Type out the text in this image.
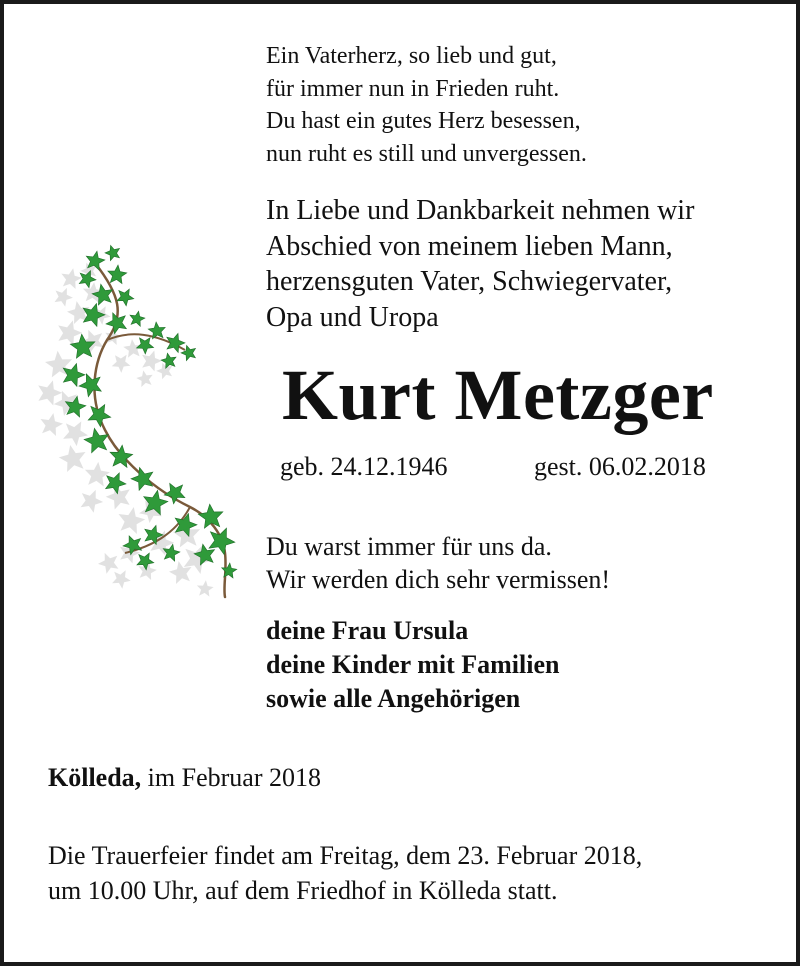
Ein Vaterherz, so lieb und gut,
für immer nun in Frieden ruht.
Du hast ein gutes Herz besessen,
nun ruht es still und unvergessen.
In Liebe und Dankbarkeit nehmen wir
Abschied von meinem lieben Mann,
herzensguten Vater, Schwiegervater,
Opa und Uropa
Kurt Metzger
geb. 24.12.1946	gest. 06.02.2018
Du warst immer für uns da.
Wir werden dich sehr vermissen!
deine Frau Ursula
deine Kinder mit Familien
sowie alle Angehörigen
Kölleda, im Februar 2018
Die Trauerfeier findet am Freitag, dem 23. Februar 2018,
um 10.00 Uhr, auf dem Friedhof in Kölleda statt.
